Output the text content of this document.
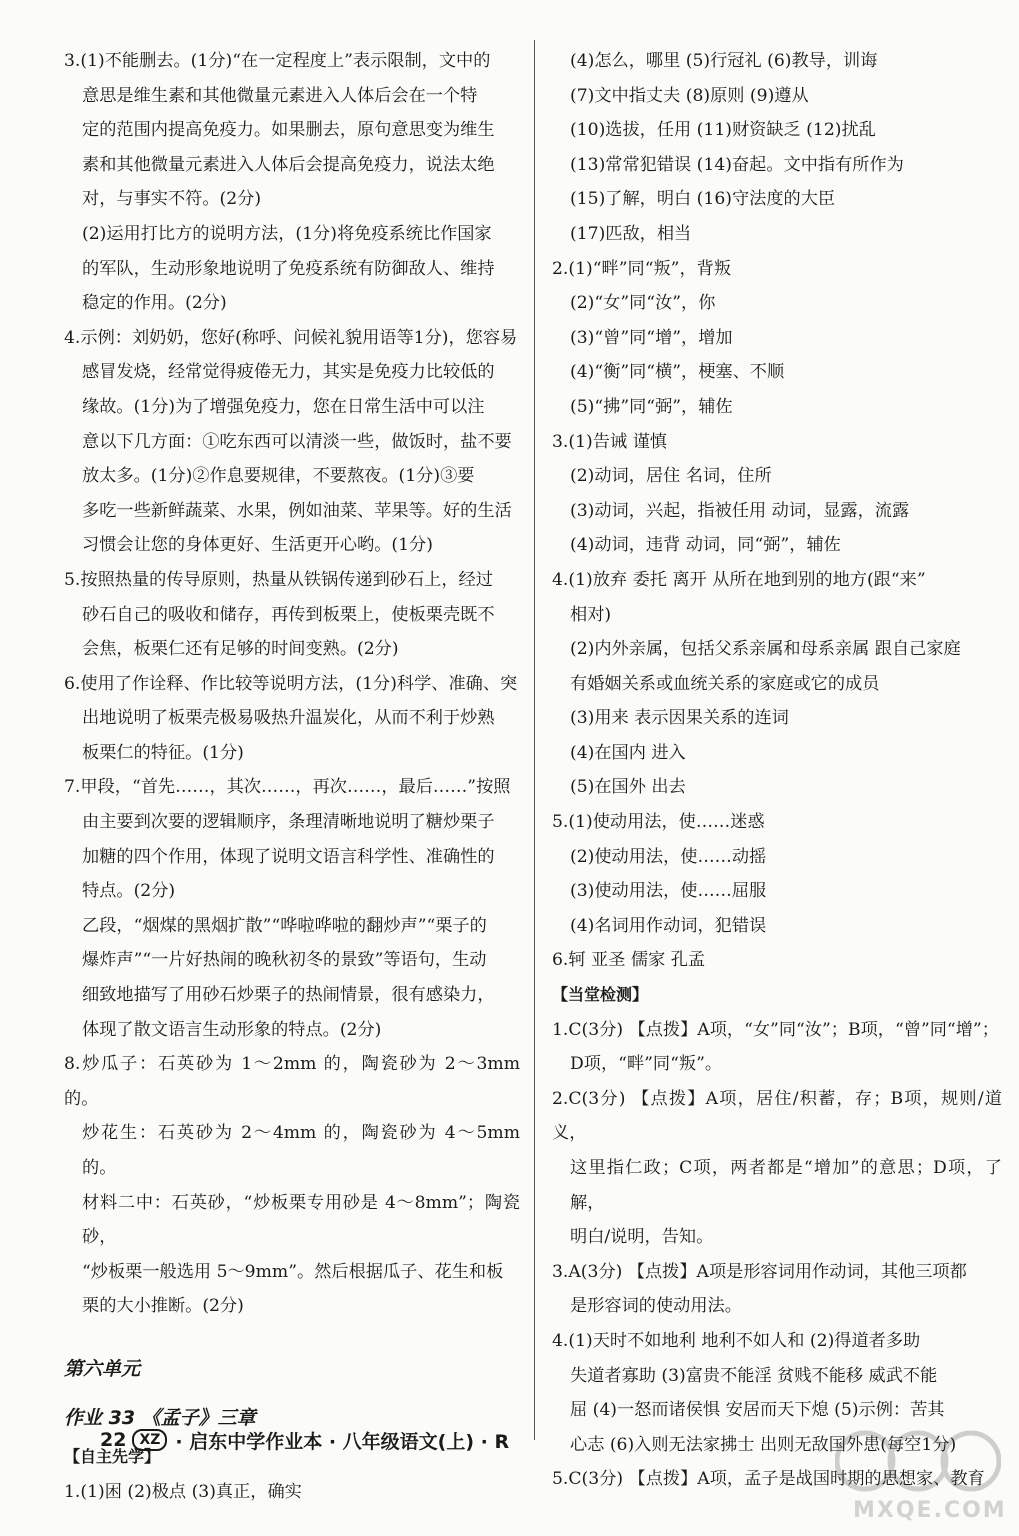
3.(1)不能删去。(1分)“在一定程度上”表示限制，文中的

意思是维生素和其他微量元素进入人体后会在一个特

定的范围内提高免疫力。如果删去，原句意思变为维生

素和其他微量元素进入人体后会提高免疫力，说法太绝

对，与事实不符。(2分)

(2)运用打比方的说明方法，(1分)将免疫系统比作国家

的军队，生动形象地说明了免疫系统有防御敌人、维持

稳定的作用。(2分)

4.示例：刘奶奶，您好(称呼、问候礼貌用语等1分)，您容易

感冒发烧，经常觉得疲倦无力，其实是免疫力比较低的

缘故。(1分)为了增强免疫力，您在日常生活中可以注

意以下几方面：①吃东西可以清淡一些，做饭时，盐不要

放太多。(1分)②作息要规律，不要熬夜。(1分)③要

多吃一些新鲜蔬菜、水果，例如油菜、苹果等。好的生活

习惯会让您的身体更好、生活更开心哟。(1分)

5.按照热量的传导原则，热量从铁锅传递到砂石上，经过

砂石自己的吸收和储存，再传到板栗上，使板栗壳既不

会焦，板栗仁还有足够的时间变熟。(2分)

6.使用了作诠释、作比较等说明方法，(1分)科学、准确、突

出地说明了板栗壳极易吸热升温炭化，从而不利于炒熟

板栗仁的特征。(1分)

7.甲段，“首先……，其次……，再次……，最后……”按照

由主要到次要的逻辑顺序，条理清晰地说明了糖炒栗子

加糖的四个作用，体现了说明文语言科学性、准确性的

特点。(2分)

乙段，“烟煤的黑烟扩散”“哗啦哗啦的翻炒声”“栗子的

爆炸声”“一片好热闹的晚秋初冬的景致”等语句，生动

细致地描写了用砂石炒栗子的热闹情景，很有感染力，

体现了散文语言生动形象的特点。(2分)

8.炒瓜子：石英砂为 1～2mm 的，陶瓷砂为 2～3mm 的。

炒花生：石英砂为 2～4mm 的，陶瓷砂为 4～5mm 的。

材料二中：石英砂，“炒板栗专用砂是 4～8mm”；陶瓷砂，

“炒板栗一般选用 5～9mm”。然后根据瓜子、花生和板

栗的大小推断。(2分)

第六单元

作业 33 《孟子》三章

【自主先学】

1.(1)困 (2)极点 (3)真正，确实

(4)怎么，哪里 (5)行冠礼 (6)教导，训诲

(7)文中指丈夫 (8)原则 (9)遵从

(10)选拔，任用 (11)财资缺乏 (12)扰乱

(13)常常犯错误 (14)奋起。文中指有所作为

(15)了解，明白 (16)守法度的大臣

(17)匹敌，相当

2.(1)“畔”同“叛”，背叛

(2)“女”同“汝”，你

(3)“曾”同“增”，增加

(4)“衡”同“横”，梗塞、不顺

(5)“拂”同“弼”，辅佐

3.(1)告诫 谨慎

(2)动词，居住 名词，住所

(3)动词，兴起，指被任用 动词，显露，流露

(4)动词，违背 动词，同“弼”，辅佐

4.(1)放弃 委托 离开 从所在地到别的地方(跟“来”

相对)

(2)内外亲属，包括父系亲属和母系亲属 跟自己家庭

有婚姻关系或血统关系的家庭或它的成员

(3)用来 表示因果关系的连词

(4)在国内 进入

(5)在国外 出去

5.(1)使动用法，使……迷惑

(2)使动用法，使……动摇

(3)使动用法，使……屈服

(4)名词用作动词，犯错误

6.轲 亚圣 儒家 孔孟

【当堂检测】

1.C(3分) 【点拨】A项，“女”同“汝”；B项，“曾”同“增”；

D项，“畔”同“叛”。

2.C(3分) 【点拨】A项，居住/积蓄，存；B项，规则/道义，

这里指仁政；C项，两者都是“增加”的意思；D项，了解，

明白/说明，告知。

3.A(3分) 【点拨】A项是形容词用作动词，其他三项都

是形容词的使动用法。

4.(1)天时不如地利 地利不如人和 (2)得道者多助

失道者寡助 (3)富贵不能淫 贫贱不能移 威武不能

屈 (4)一怒而诸侯惧 安居而天下熄 (5)示例：苦其

心志 (6)入则无法家拂士 出则无敌国外患(每空1分)

5.C(3分) 【点拨】A项，孟子是战国时期的思想家、教育

22 XZ · 启东中学作业本 · 八年级语文(上) · R
MXQE.COM
